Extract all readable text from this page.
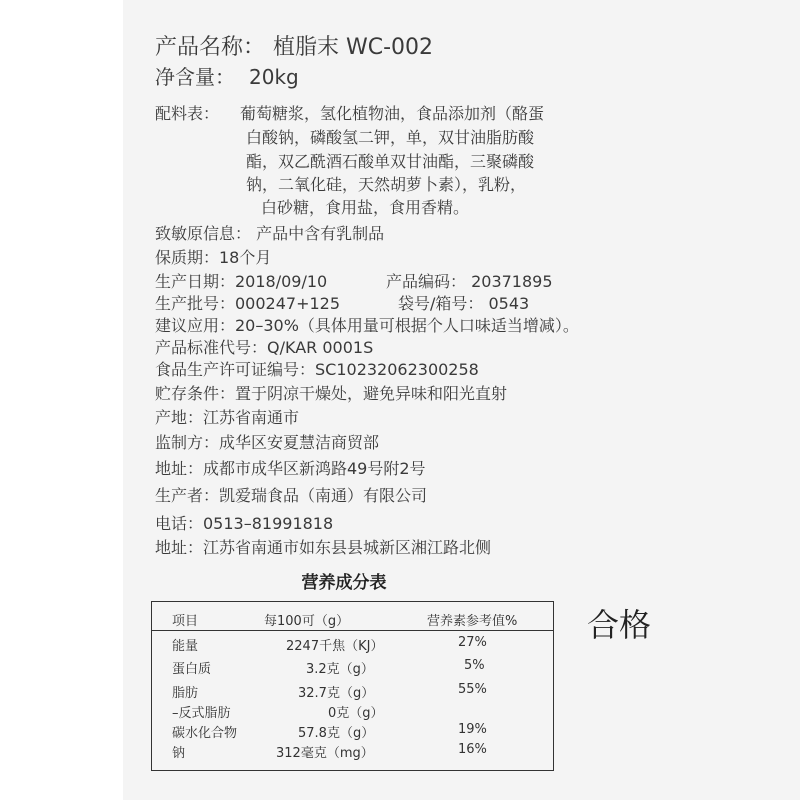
产品名称： 植脂末 WC-002
净含量： 20kg
配料表： 葡萄糖浆，氢化植物油，食品添加剂（酪蛋
白酸钠，磷酸氢二钾，单，双甘油脂肪酸
酯，双乙酰酒石酸单双甘油酯，三聚磷酸
钠，二氧化硅，天然胡萝卜素），乳粉，
白砂糖，食用盐，食用香精。
致敏原信息： 产品中含有乳制品
保质期：18个月
生产日期：2018/09/10	产品编码： 20371895
生产批号：000247+125	袋号/箱号： 0543
建议应用：20–30%（具体用量可根据个人口味适当增减）。
产品标准代号：Q/KAR 0001S
食品生产许可证编号：SC10232062300258
贮存条件：置于阴凉干燥处，避免异味和阳光直射
产地：江苏省南通市
监制方：成华区安夏慧洁商贸部
地址：成都市成华区新鸿路49号附2号
生产者：凯爱瑞食品（南通）有限公司
电话：0513–81991818
地址：江苏省南通市如东县县城新区湘江路北侧
营养成分表
项目	每100可（g）	营养素参考值%
能量	2247千焦（KJ）	27%
蛋白质	3.2克（g）	5%
脂肪	32.7克（g）	55%
–反式脂肪	0克（g）
碳水化合物	57.8克（g）	19%
钠	312毫克（mg）	16%
合格
